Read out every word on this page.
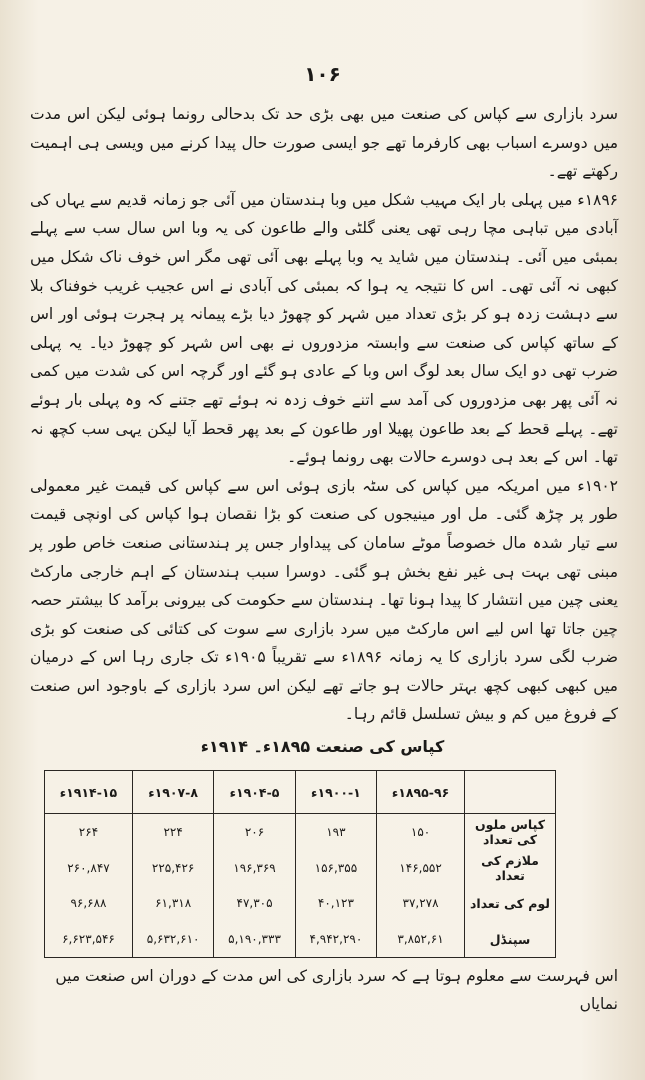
۱۰۶

سرد بازاری سے کپاس کی صنعت میں بھی بڑی حد تک بدحالی رونما ہوئی لیکن اس مدت میں دوسرے اسباب بھی کارفرما تھے جو ایسی صورت حال پیدا کرنے میں ویسی ہی اہمیت رکھتے تھے۔

۱۸۹۶ء میں پہلی بار ایک مہیب شکل میں وبا ہندستان میں آئی جو زمانہ قدیم سے یہاں کی آبادی میں تباہی مچا رہی تھی یعنی گلٹی والے طاعون کی یہ وبا اس سال سب سے پہلے بمبئی میں آئی۔ ہندستان میں شاید یہ وبا پہلے بھی آئی تھی مگر اس خوف ناک شکل میں کبھی نہ آئی تھی۔ اس کا نتیجہ یہ ہوا کہ بمبئی کی آبادی نے اس عجیب غریب خوفناک بلا سے دہشت زدہ ہو کر بڑی تعداد میں شہر کو چھوڑ دیا بڑے پیمانہ پر ہجرت ہوئی اور اس کے ساتھ کپاس کی صنعت سے وابستہ مزدوروں نے بھی اس شہر کو چھوڑ دیا۔ یہ پہلی ضرب تھی دو ایک سال بعد لوگ اس وبا کے عادی ہو گئے اور گرچہ اس کی شدت میں کمی نہ آئی پھر بھی مزدوروں کی آمد سے اتنے خوف زدہ نہ ہوئے تھے جتنے کہ وہ پہلی بار ہوئے تھے۔ پہلے قحط کے بعد طاعون پھیلا اور طاعون کے بعد پھر قحط آیا لیکن یہی سب کچھ نہ تھا۔ اس کے بعد ہی دوسرے حالات بھی رونما ہوئے۔

۱۹۰۲ء میں امریکہ میں کپاس کی سٹہ بازی ہوئی اس سے کپاس کی قیمت غیر معمولی طور پر چڑھ گئی۔ مل اور مینیجوں کی صنعت کو بڑا نقصان ہوا کپاس کی اونچی قیمت سے تیار شدہ مال خصوصاً موٹے سامان کی پیداوار جس پر ہندستانی صنعت خاص طور پر مبنی تھی بہت ہی غیر نفع بخش ہو گئی۔ دوسرا سبب ہندستان کے اہم خارجی مارکٹ یعنی چین میں انتشار کا پیدا ہونا تھا۔ ہندستان سے حکومت کی بیرونی برآمد کا بیشتر حصہ چین جاتا تھا اس لیے اس مارکٹ میں سرد بازاری سے سوت کی کتائی کی صنعت کو بڑی ضرب لگی سرد بازاری کا یہ زمانہ ۱۸۹۶ء سے تقریباً ۱۹۰۵ء تک جاری رہا اس کے درمیان میں کبھی کبھی کچھ بہتر حالات ہو جاتے تھے لیکن اس سرد بازاری کے باوجود اس صنعت کے فروغ میں کم و بیش تسلسل قائم رہا۔

کپاس کی صنعت ۱۸۹۵ء۔ ۱۹۱۴ء
	۱۸۹۵-۹۶ء	۱۹۰۰-۱ء	۱۹۰۴-۵ء	۱۹۰۷-۸ء	۱۹۱۴-۱۵ء
کپاس ملوں کی تعداد	۱۵۰	۱۹۳	۲۰۶	۲۲۴	۲۶۴
ملازم کی تعداد	۱۴۶,۵۵۲	۱۵۶,۳۵۵	۱۹۶,۳۶۹	۲۲۵,۴۲۶	۲۶۰,۸۴۷
لوم کی تعداد	۳۷,۲۷۸	۴۰,۱۲۳	۴۷,۳۰۵	۶۱,۳۱۸	۹۶,۶۸۸
سپنڈل	۳,۸۵۲,۶۱	۴,۹۴۲,۲۹۰	۵,۱۹۰,۳۳۳	۵,۶۳۲,۶۱۰	۶,۶۲۳,۵۴۶
اس فہرست سے معلوم ہوتا ہے کہ سرد بازاری کی اس مدت کے دوران اس صنعت میں نمایاں
